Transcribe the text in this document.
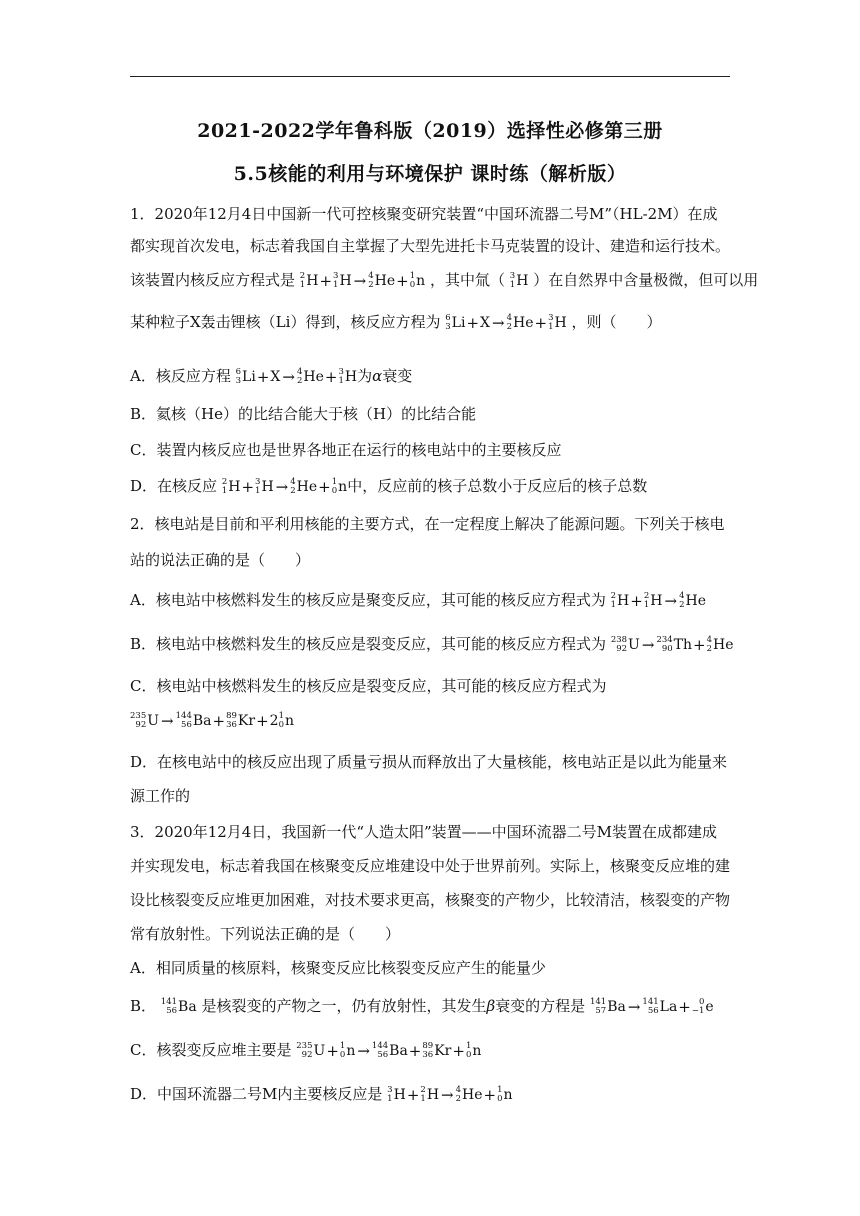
2021-2022学年鲁科版（2019）选择性必修第三册
5.5核能的利用与环境保护 课时练（解析版）
1．2020年12月4日中国新一代可控核聚变研究装置“中国环流器二号M”（HL-2M）在成
都实现首次发电，标志着我国自主掌握了大型先进托卡马克装置的设计、建造和运行技术。
该装置内核反应方程式是 2
1 H + 3
1 H → 4
2 He + 1
0 n ，其中氚（ 3
1 H ）在自然界中含量极微，但可以用
某种粒子X轰击锂核（Li）得到，核反应方程为 6
3 Li + X → 4
2 He + 3
1 H ，则（　　）
A．核反应方程 6
3 Li + X → 4
2 He + 3
1 H 为α衰变
B．氦核（He）的比结合能大于核（H）的比结合能
C．装置内核反应也是世界各地正在运行的核电站中的主要核反应
D．在核反应 2
1 H + 3
1 H → 4
2 He + 1
0 n 中，反应前的核子总数小于反应后的核子总数
2．核电站是目前和平利用核能的主要方式，在一定程度上解决了能源问题。下列关于核电
站的说法正确的是（　　）
A．核电站中核燃料发生的核反应是聚变反应，其可能的核反应方程式为 2
1 H + 2
1 H → 4
2 He
B．核电站中核燃料发生的核反应是裂变反应，其可能的核反应方程式为 238
92 U → 234
90 Th + 4
2 He
C．核电站中核燃料发生的核反应是裂变反应，其可能的核反应方程式为
235
92 U → 144
56 Ba + 89
36 Kr + 2 1
0 n
D．在核电站中的核反应出现了质量亏损从而释放出了大量核能，核电站正是以此为能量来
源工作的
3．2020年12月4日，我国新一代“人造太阳”装置——中国环流器二号M装置在成都建成
并实现发电，标志着我国在核聚变反应堆建设中处于世界前列。实际上，核聚变反应堆的建
设比核裂变反应堆更加困难，对技术要求更高，核聚变的产物少，比较清洁，核裂变的产物
常有放射性。下列说法正确的是（　　）
A．相同质量的核原料，核聚变反应比核裂变反应产生的能量少
B． 141
56 Ba 是核裂变的产物之一，仍有放射性，其发生β衰变的方程是 141
57 Ba → 141
56 La + 0
−1 e
C．核裂变反应堆主要是 235
92 U + 1
0 n → 144
56 Ba + 89
36 Kr + 1
0 n
D．中国环流器二号M内主要核反应是 3
1 H + 2
1 H → 4
2 He + 1
0 n
